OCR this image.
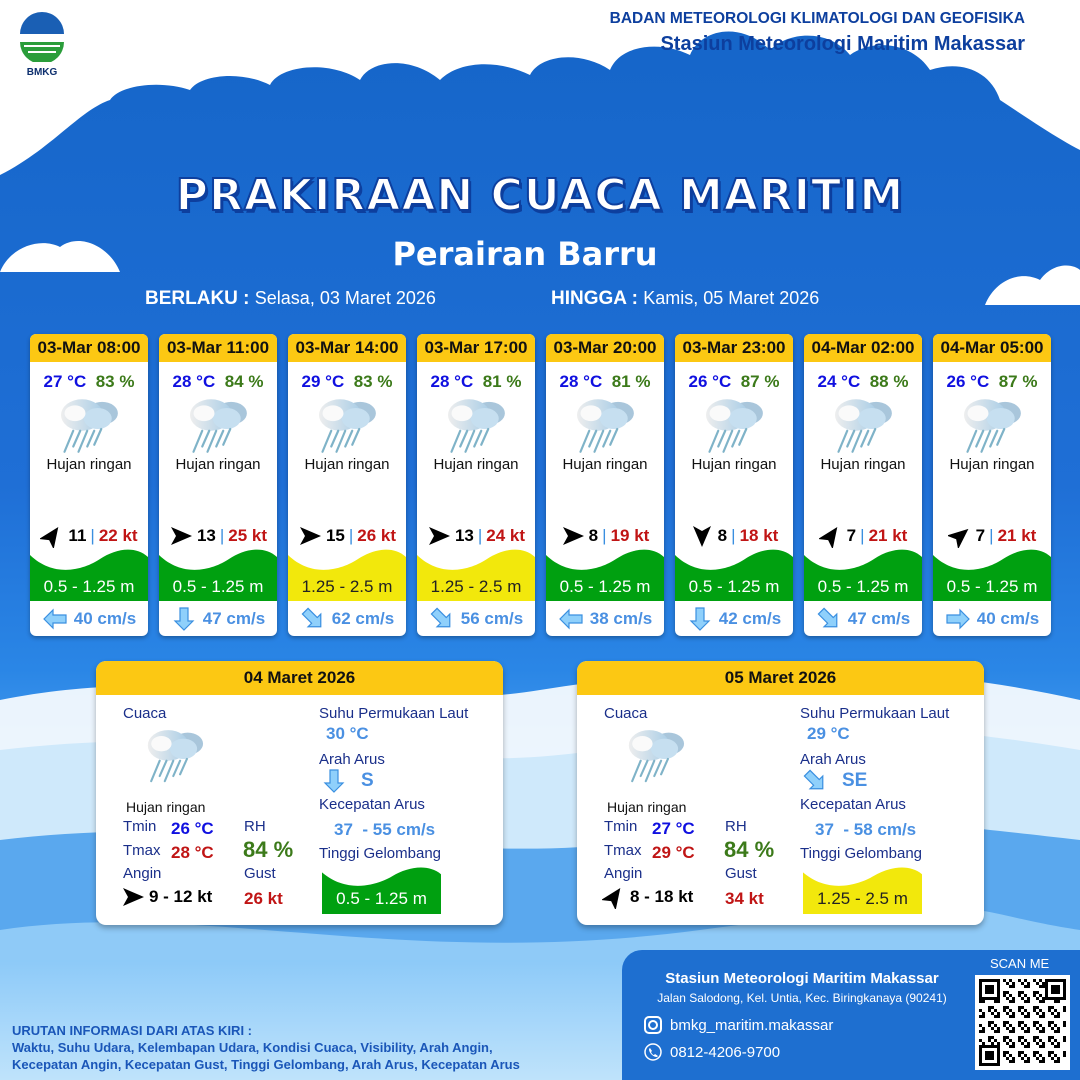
BMKG
BADAN METEOROLOGI KLIMATOLOGI DAN GEOFISIKA
Stasiun Meteorologi Maritim Makassar
PRAKIRAAN CUACA MARITIM
Perairan Barru
BERLAKU : Selasa, 03 Maret 2026	HINGGA : Kamis, 05 Maret 2026
03-Mar 08:00
27 °C 83 %
Hujan ringan
11 | 22 kt
0.5 - 1.25 m
40 cm/s
03-Mar 11:00
28 °C 84 %
Hujan ringan
13 | 25 kt
0.5 - 1.25 m
47 cm/s
03-Mar 14:00
29 °C 83 %
Hujan ringan
15 | 26 kt
1.25 - 2.5 m
62 cm/s
03-Mar 17:00
28 °C 81 %
Hujan ringan
13 | 24 kt
1.25 - 2.5 m
56 cm/s
03-Mar 20:00
28 °C 81 %
Hujan ringan
8 | 19 kt
0.5 - 1.25 m
38 cm/s
03-Mar 23:00
26 °C 87 %
Hujan ringan
8 | 18 kt
0.5 - 1.25 m
42 cm/s
04-Mar 02:00
24 °C 88 %
Hujan ringan
7 | 21 kt
0.5 - 1.25 m
47 cm/s
04-Mar 05:00
26 °C 87 %
Hujan ringan
7 | 21 kt
0.5 - 1.25 m
40 cm/s
04 Maret 2026
Cuaca
Hujan ringan
Tmin 26 °C
Tmax 28 °C
Angin
9 - 12 kt
RH
84 %
Gust
26 kt
Suhu Permukaan Laut
30 °C
Arah Arus
S
Kecepatan Arus
37  - 55 cm/s
Tinggi Gelombang
0.5 - 1.25 m
05 Maret 2026
Cuaca
Hujan ringan
Tmin 27 °C
Tmax 29 °C
Angin
8 - 18 kt
RH
84 %
Gust
34 kt
Suhu Permukaan Laut
29 °C
Arah Arus
SE
Kecepatan Arus
37  - 58 cm/s
Tinggi Gelombang
1.25 - 2.5 m
URUTAN INFORMASI DARI ATAS KIRI :
Waktu, Suhu Udara, Kelembapan Udara, Kondisi Cuaca, Visibility, Arah Angin,
Kecepatan Angin, Kecepatan Gust, Tinggi Gelombang, Arah Arus, Kecepatan Arus
Stasiun Meteorologi Maritim Makassar
Jalan Salodong, Kel. Untia, Kec. Biringkanaya (90241)
bmkg_maritim.makassar
0812-4206-9700
SCAN ME
